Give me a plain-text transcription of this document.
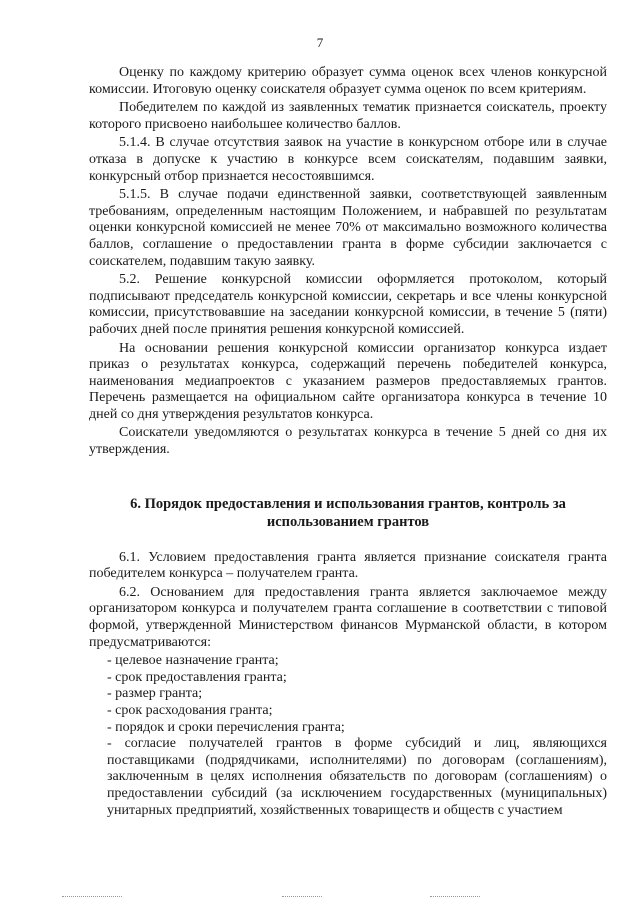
7

Оценку по каждому критерию образует сумма оценок всех членов конкурсной комиссии. Итоговую оценку соискателя образует сумма оценок по всем критериям.

Победителем по каждой из заявленных тематик признается соискатель, проекту которого присвоено наибольшее количество баллов.

5.1.4. В случае отсутствия заявок на участие в конкурсном отборе или в случае отказа в допуске к участию в конкурсе всем соискателям, подавшим заявки, конкурсный отбор признается несостоявшимся.

5.1.5. В случае подачи единственной заявки, соответствующей заявленным требованиям, определенным настоящим Положением, и набравшей по результатам оценки конкурсной комиссией не менее 70% от максимально возможного количества баллов, соглашение о предоставлении гранта в форме субсидии заключается с соискателем, подавшим такую заявку.

5.2. Решение конкурсной комиссии оформляется протоколом, который подписывают председатель конкурсной комиссии, секретарь и все члены конкурсной комиссии, присутствовавшие на заседании конкурсной комиссии, в течение 5 (пяти) рабочих дней после принятия решения конкурсной комиссией.

На основании решения конкурсной комиссии организатор конкурса издает приказ о результатах конкурса, содержащий перечень победителей конкурса, наименования медиапроектов с указанием размеров предоставляемых грантов. Перечень размещается на официальном сайте организатора конкурса в течение 10 дней со дня утверждения результатов конкурса.

Соискатели уведомляются о результатах конкурса в течение 5 дней со дня их утверждения.

6. Порядок предоставления и использования грантов, контроль за
использованием грантов

6.1. Условием предоставления гранта является признание соискателя гранта победителем конкурса – получателем гранта.

6.2. Основанием для предоставления гранта является заключаемое между организатором конкурса и получателем гранта соглашение в соответствии с типовой формой, утвержденной Министерством финансов Мурманской области, в котором предусматриваются:

- целевое назначение гранта;
- срок предоставления гранта;
- размер гранта;
- срок расходования гранта;
- порядок и сроки перечисления гранта;
- согласие получателей грантов в форме субсидий и лиц, являющихся поставщиками (подрядчиками, исполнителями) по договорам (соглашениям), заключенным в целях исполнения обязательств по договорам (соглашениям) о предоставлении субсидий (за исключением государственных (муниципальных) унитарных предприятий, хозяйственных товариществ и обществ с участием
